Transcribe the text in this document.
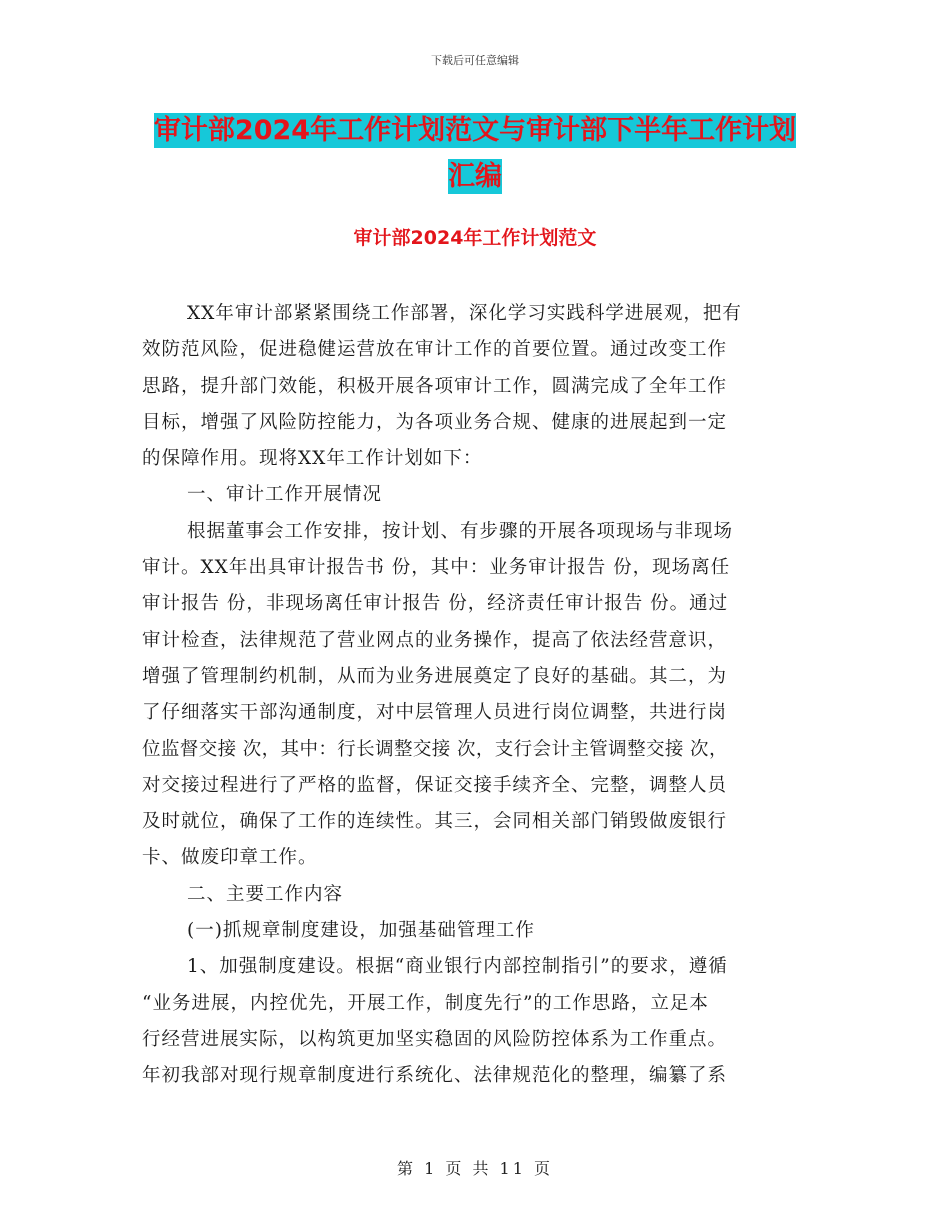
下载后可任意编辑
审计部2024年工作计划范文与审计部下半年工作计划
汇编
审计部2024年工作计划范文

XX年审计部紧紧围绕工作部署，深化学习实践科学进展观，把有

效防范风险，促进稳健运营放在审计工作的首要位置。通过改变工作

思路，提升部门效能，积极开展各项审计工作，圆满完成了全年工作

目标，增强了风险防控能力，为各项业务合规、健康的进展起到一定

的保障作用。现将XX年工作计划如下：

一、审计工作开展情况

根据董事会工作安排，按计划、有步骤的开展各项现场与非现场

审计。XX年出具审计报告书 份，其中：业务审计报告 份，现场离任

审计报告 份，非现场离任审计报告 份，经济责任审计报告 份。通过

审计检查，法律规范了营业网点的业务操作，提高了依法经营意识，

增强了管理制约机制，从而为业务进展奠定了良好的基础。其二，为

了仔细落实干部沟通制度，对中层管理人员进行岗位调整，共进行岗

位监督交接 次，其中：行长调整交接 次，支行会计主管调整交接 次，

对交接过程进行了严格的监督，保证交接手续齐全、完整，调整人员

及时就位，确保了工作的连续性。其三，会同相关部门销毁做废银行

卡、做废印章工作。

二、主要工作内容

(一)抓规章制度建设，加强基础管理工作

1、加强制度建设。根据“商业银行内部控制指引”的要求，遵循

“业务进展，内控优先，开展工作，制度先行”的工作思路，立足本

行经营进展实际，以构筑更加坚实稳固的风险防控体系为工作重点。

年初我部对现行规章制度进行系统化、法律规范化的整理，编纂了系

第 1 页 共 11 页
